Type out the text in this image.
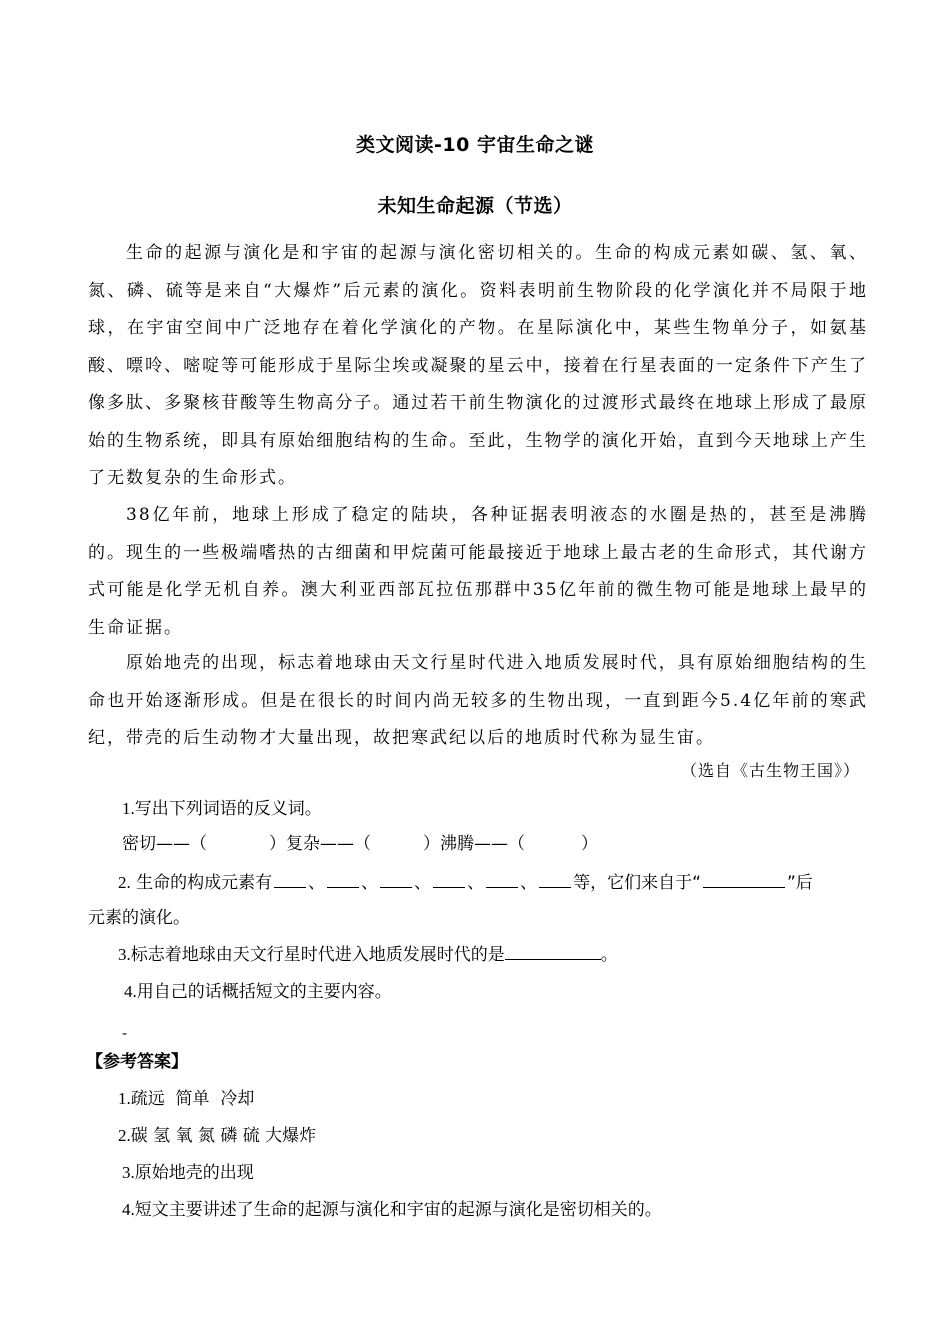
类文阅读-10 宇宙生命之谜
未知生命起源（节选）
生命的起源与演化是和宇宙的起源与演化密切相关的。生命的构成元素如碳、氢、氧、氮、磷、硫等是来自“大爆炸”后元素的演化。资料表明前生物阶段的化学演化并不局限于地球，在宇宙空间中广泛地存在着化学演化的产物。在星际演化中，某些生物单分子，如氨基酸、嘌呤、嘧啶等可能形成于星际尘埃或凝聚的星云中，接着在行星表面的一定条件下产生了像多肽、多聚核苷酸等生物高分子。通过若干前生物演化的过渡形式最终在地球上形成了最原始的生物系统，即具有原始细胞结构的生命。至此，生物学的演化开始，直到今天地球上产生了无数复杂的生命形式。
38亿年前，地球上形成了稳定的陆块，各种证据表明液态的水圈是热的，甚至是沸腾的。现生的一些极端嗜热的古细菌和甲烷菌可能最接近于地球上最古老的生命形式，其代谢方式可能是化学无机自养。澳大利亚西部瓦拉伍那群中35亿年前的微生物可能是地球上最早的生命证据。
原始地壳的出现，标志着地球由天文行星时代进入地质发展时代，具有原始细胞结构的生命也开始逐渐形成。但是在很长的时间内尚无较多的生物出现，一直到距今5.4亿年前的寒武纪，带壳的后生动物才大量出现，故把寒武纪以后的地质时代称为显生宙。
（选自《古生物王国》）
1.写出下列词语的反义词。
密切——（	）复杂——（	）沸腾——（	）
2. 生命的构成元素有 、 、 、 、 、 等，它们来自于“	”后
元素的演化。
3.标志着地球由天文行星时代进入地质发展时代的是	。
4.用自己的话概括短文的主要内容。
-
【参考答案】
1.疏远  简单  冷却
2.碳 氢 氧 氮 磷 硫 大爆炸
3.原始地壳的出现
4.短文主要讲述了生命的起源与演化和宇宙的起源与演化是密切相关的。
